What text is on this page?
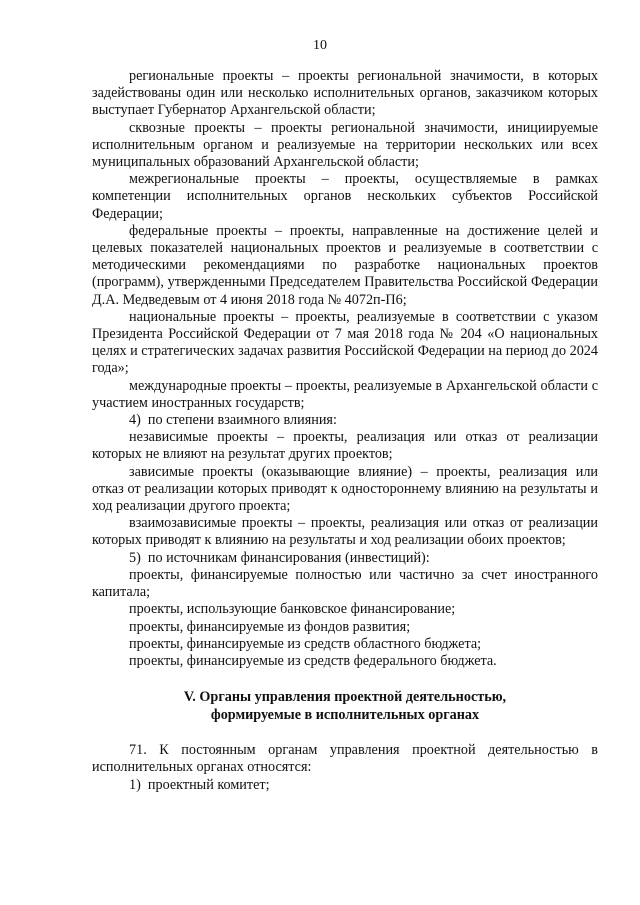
10

региональные проекты – проекты региональной значимости, в которых задействованы один или несколько исполнительных органов, заказчиком которых выступает Губернатор Архангельской области;

сквозные проекты – проекты региональной значимости, инициируемые исполнительным органом и реализуемые на территории нескольких или всех муниципальных образований Архангельской области;

межрегиональные проекты – проекты, осуществляемые в рамках компетенции исполнительных органов нескольких субъектов Российской Федерации;

федеральные проекты – проекты, направленные на достижение целей и целевых показателей национальных проектов и реализуемые в соответствии с методическими рекомендациями по разработке национальных проектов (программ), утвержденными Председателем Правительства Российской Федерации Д.А. Медведевым от 4 июня 2018 года № 4072п-П6;

национальные проекты – проекты, реализуемые в соответствии с указом Президента Российской Федерации от 7 мая 2018 года № 204 «О национальных целях и стратегических задачах развития Российской Федерации на период до 2024 года»;

международные проекты – проекты, реализуемые в Архангельской области с участием иностранных государств;

4)  по степени взаимного влияния:

независимые проекты – проекты, реализация или отказ от реализации которых не влияют на результат других проектов;

зависимые проекты (оказывающие влияние) – проекты, реализация или отказ от реализации которых приводят к одностороннему влиянию на результаты и ход реализации другого проекта;

взаимозависимые проекты – проекты, реализация или отказ от реализации которых приводят к влиянию на результаты и ход реализации обоих проектов;

5)  по источникам финансирования (инвестиций):

проекты, финансируемые полностью или частично за счет иностранного капитала;

проекты, использующие банковское финансирование;

проекты, финансируемые из фондов развития;

проекты, финансируемые из средств областного бюджета;

проекты, финансируемые из средств федерального бюджета.

V. Органы управления проектной деятельностью,
формируемые в исполнительных органах

71. К постоянным органам управления проектной деятельностью в исполнительных органах относятся:

1)  проектный комитет;
